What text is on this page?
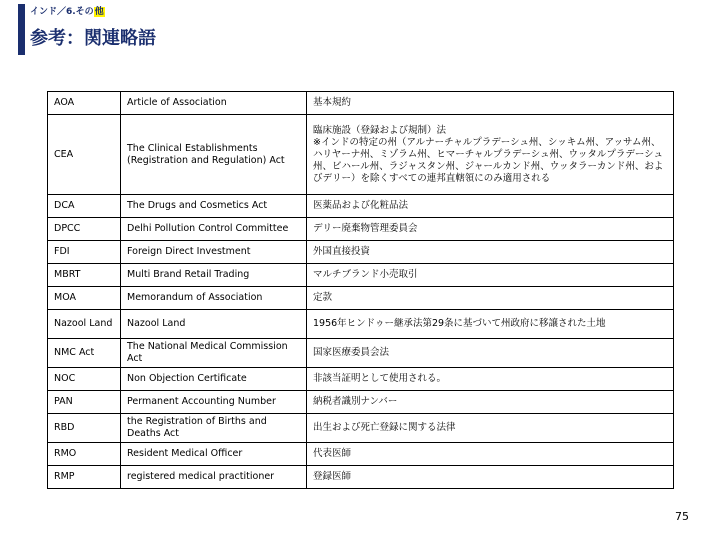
インド／6.その他
参考：関連略語
AOA	Article of Association	基本規約
CEA	The Clinical Establishments (Registration and Regulation) Act	臨床施設（登録および規制）法
※インドの特定の州（アルナーチャルプラデーシュ州、シッキム州、アッサム州、ハリヤーナ州、ミゾラム州、ヒマーチャルプラデーシュ州、ウッタルプラデーシュ州、ビハール州、ラジャスタン州、ジャールカンド州、ウッタラーカンド州、およびデリー）を除くすべての連邦直轄領にのみ適用される
DCA	The Drugs and Cosmetics Act	医薬品および化粧品法
DPCC	Delhi Pollution Control Committee	デリー廃棄物管理委員会
FDI	Foreign Direct Investment	外国直接投資
MBRT	Multi Brand Retail Trading	マルチブランド小売取引
MOA	Memorandum of Association	定款
Nazool Land	Nazool Land	1956年ヒンドゥー継承法第29条に基づいて州政府に移譲された土地
NMC Act	The National Medical Commission Act	国家医療委員会法
NOC	Non Objection Certificate	非該当証明として使用される。
PAN	Permanent Accounting Number	納税者識別ナンバー
RBD	the Registration of Births and Deaths Act	出生および死亡登録に関する法律
RMO	Resident Medical Officer	代表医師
RMP	registered medical practitioner	登録医師
75
